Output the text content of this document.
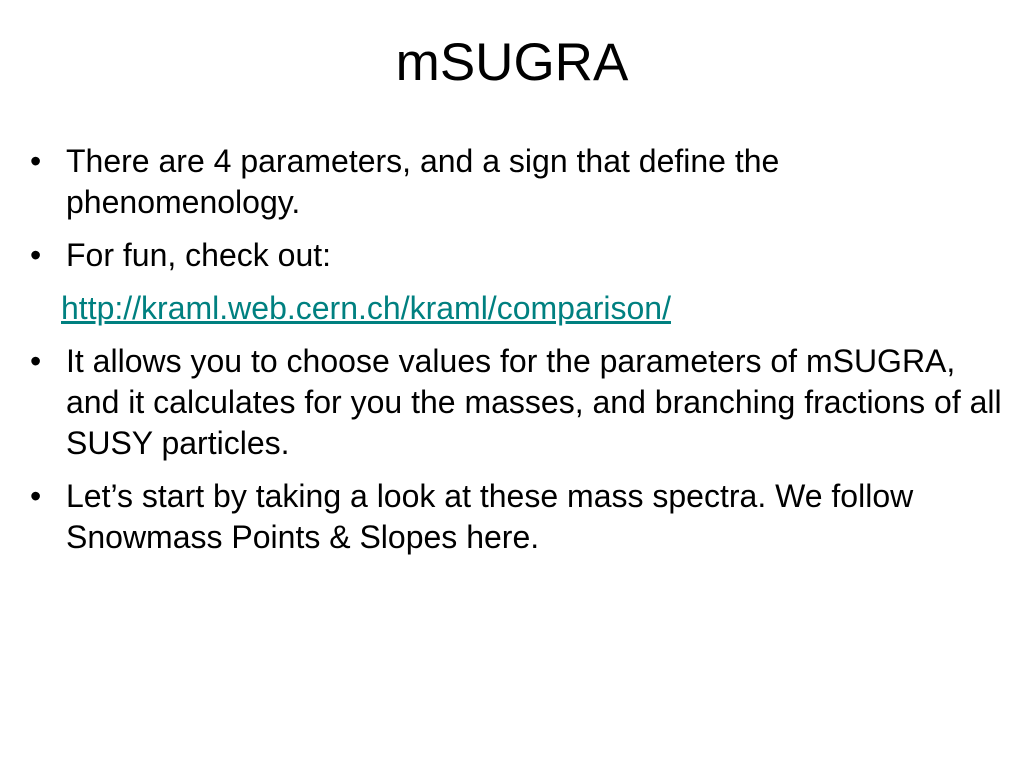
mSUGRA
• There are 4 parameters, and a sign that define the phenomenology.
• For fun, check out:
http://kraml.web.cern.ch/kraml/comparison/
• It allows you to choose values for the parameters of mSUGRA, and it calculates for you the masses, and branching fractions of all SUSY particles.
• Let’s start by taking a look at these mass spectra. We follow Snowmass Points & Slopes here.
